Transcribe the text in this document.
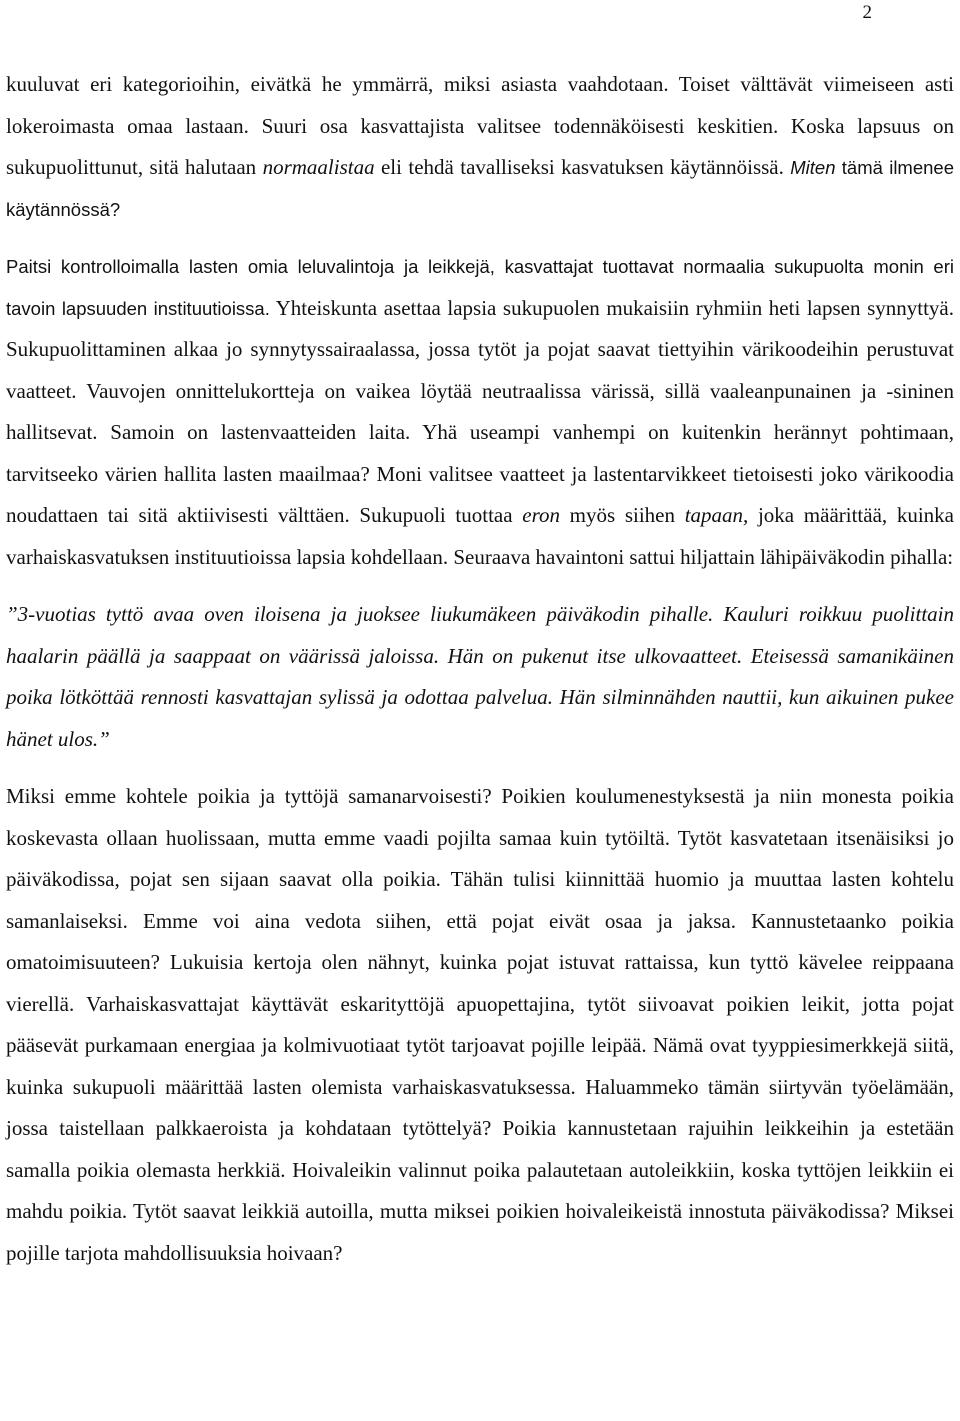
2

kuuluvat eri kategorioihin, eivätkä he ymmärrä, miksi asiasta vaahdotaan. Toiset välttävät viimeiseen asti lokeroimasta omaa lastaan. Suuri osa kasvattajista valitsee todennäköisesti keskitien. Koska lapsuus on sukupuolittunut, sitä halutaan normaalistaa eli tehdä tavalliseksi kasvatuksen käytännöissä. Miten tämä ilmenee käytännössä?

Paitsi kontrolloimalla lasten omia leluvalintoja ja leikkejä, kasvattajat tuottavat normaalia sukupuolta monin eri tavoin lapsuuden instituutioissa. Yhteiskunta asettaa lapsia sukupuolen mukaisiin ryhmiin heti lapsen synnyttyä. Sukupuolittaminen alkaa jo synnytyssairaalassa, jossa tytöt ja pojat saavat tiettyihin värikoodeihin perustuvat vaatteet. Vauvojen onnittelukortteja on vaikea löytää neutraalissa värissä, sillä vaaleanpunainen ja -sininen hallitsevat. Samoin on lastenvaatteiden laita. Yhä useampi vanhempi on kuitenkin herännyt pohtimaan, tarvitseeko värien hallita lasten maailmaa? Moni valitsee vaatteet ja lastentarvikkeet tietoisesti joko värikoodia noudattaen tai sitä aktiivisesti välttäen. Sukupuoli tuottaa eron myös siihen tapaan, joka määrittää, kuinka varhaiskasvatuksen instituutioissa lapsia kohdellaan. Seuraava havaintoni sattui hiljattain lähipäiväkodin pihalla:

”3-vuotias tyttö avaa oven iloisena ja juoksee liukumäkeen päiväkodin pihalle. Kauluri roikkuu puolittain haalarin päällä ja saappaat on väärissä jaloissa. Hän on pukenut itse ulkovaatteet. Eteisessä samanikäinen poika lötköttää rennosti kasvattajan sylissä ja odottaa palvelua. Hän silminnähden nauttii, kun aikuinen pukee hänet ulos.”

Miksi emme kohtele poikia ja tyttöjä samanarvoisesti? Poikien koulumenestyksestä ja niin monesta poikia koskevasta ollaan huolissaan, mutta emme vaadi pojilta samaa kuin tytöiltä. Tytöt kasvatetaan itsenäisiksi jo päiväkodissa, pojat sen sijaan saavat olla poikia. Tähän tulisi kiinnittää huomio ja muuttaa lasten kohtelu samanlaiseksi. Emme voi aina vedota siihen, että pojat eivät osaa ja jaksa. Kannustetaanko poikia omatoimisuuteen? Lukuisia kertoja olen nähnyt, kuinka pojat istuvat rattaissa, kun tyttö kävelee reippaana vierellä. Varhaiskasvattajat käyttävät eskarityttöjä apuopettajina, tytöt siivoavat poikien leikit, jotta pojat pääsevät purkamaan energiaa ja kolmivuotiaat tytöt tarjoavat pojille leipää. Nämä ovat tyyppiesimerkkejä siitä, kuinka sukupuoli määrittää lasten olemista varhaiskasvatuksessa. Haluammeko tämän siirtyvän työelämään, jossa taistellaan palkkaeroista ja kohdataan tytöttelyä? Poikia kannustetaan rajuihin leikkeihin ja estetään samalla poikia olemasta herkkiä. Hoivaleikin valinnut poika palautetaan autoleikkiin, koska tyttöjen leikkiin ei mahdu poikia. Tytöt saavat leikkiä autoilla, mutta miksei poikien hoivaleikeistä innostuta päiväkodissa? Miksei pojille tarjota mahdollisuuksia hoivaan?
